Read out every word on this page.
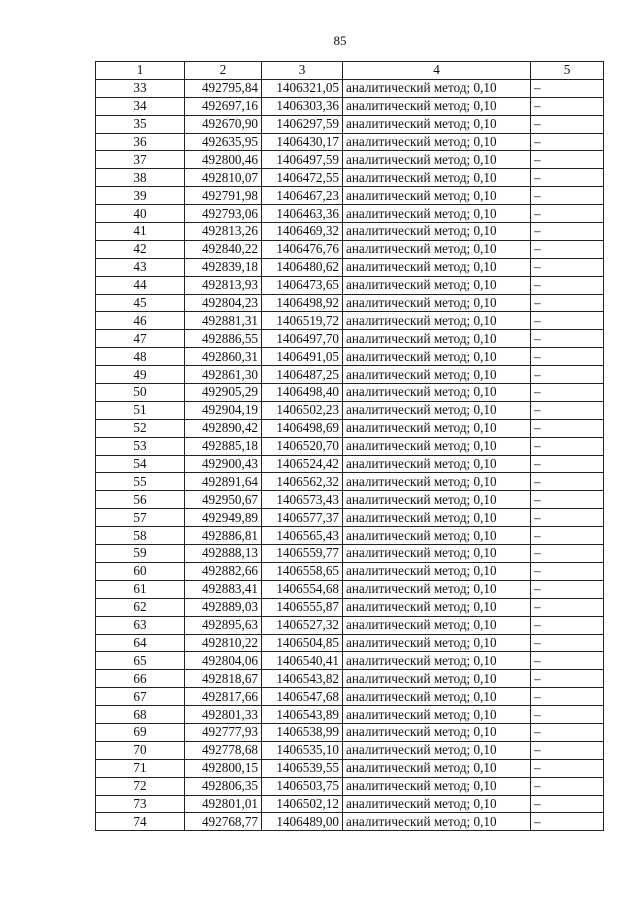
85
1	2	3	4	5
33	492795,84	1406321,05	аналитический метод; 0,10	–
34	492697,16	1406303,36	аналитический метод; 0,10	–
35	492670,90	1406297,59	аналитический метод; 0,10	–
36	492635,95	1406430,17	аналитический метод; 0,10	–
37	492800,46	1406497,59	аналитический метод; 0,10	–
38	492810,07	1406472,55	аналитический метод; 0,10	–
39	492791,98	1406467,23	аналитический метод; 0,10	–
40	492793,06	1406463,36	аналитический метод; 0,10	–
41	492813,26	1406469,32	аналитический метод; 0,10	–
42	492840,22	1406476,76	аналитический метод; 0,10	–
43	492839,18	1406480,62	аналитический метод; 0,10	–
44	492813,93	1406473,65	аналитический метод; 0,10	–
45	492804,23	1406498,92	аналитический метод; 0,10	–
46	492881,31	1406519,72	аналитический метод; 0,10	–
47	492886,55	1406497,70	аналитический метод; 0,10	–
48	492860,31	1406491,05	аналитический метод; 0,10	–
49	492861,30	1406487,25	аналитический метод; 0,10	–
50	492905,29	1406498,40	аналитический метод; 0,10	–
51	492904,19	1406502,23	аналитический метод; 0,10	–
52	492890,42	1406498,69	аналитический метод; 0,10	–
53	492885,18	1406520,70	аналитический метод; 0,10	–
54	492900,43	1406524,42	аналитический метод; 0,10	–
55	492891,64	1406562,32	аналитический метод; 0,10	–
56	492950,67	1406573,43	аналитический метод; 0,10	–
57	492949,89	1406577,37	аналитический метод; 0,10	–
58	492886,81	1406565,43	аналитический метод; 0,10	–
59	492888,13	1406559,77	аналитический метод; 0,10	–
60	492882,66	1406558,65	аналитический метод; 0,10	–
61	492883,41	1406554,68	аналитический метод; 0,10	–
62	492889,03	1406555,87	аналитический метод; 0,10	–
63	492895,63	1406527,32	аналитический метод; 0,10	–
64	492810,22	1406504,85	аналитический метод; 0,10	–
65	492804,06	1406540,41	аналитический метод; 0,10	–
66	492818,67	1406543,82	аналитический метод; 0,10	–
67	492817,66	1406547,68	аналитический метод; 0,10	–
68	492801,33	1406543,89	аналитический метод; 0,10	–
69	492777,93	1406538,99	аналитический метод; 0,10	–
70	492778,68	1406535,10	аналитический метод; 0,10	–
71	492800,15	1406539,55	аналитический метод; 0,10	–
72	492806,35	1406503,75	аналитический метод; 0,10	–
73	492801,01	1406502,12	аналитический метод; 0,10	–
74	492768,77	1406489,00	аналитический метод; 0,10	–
